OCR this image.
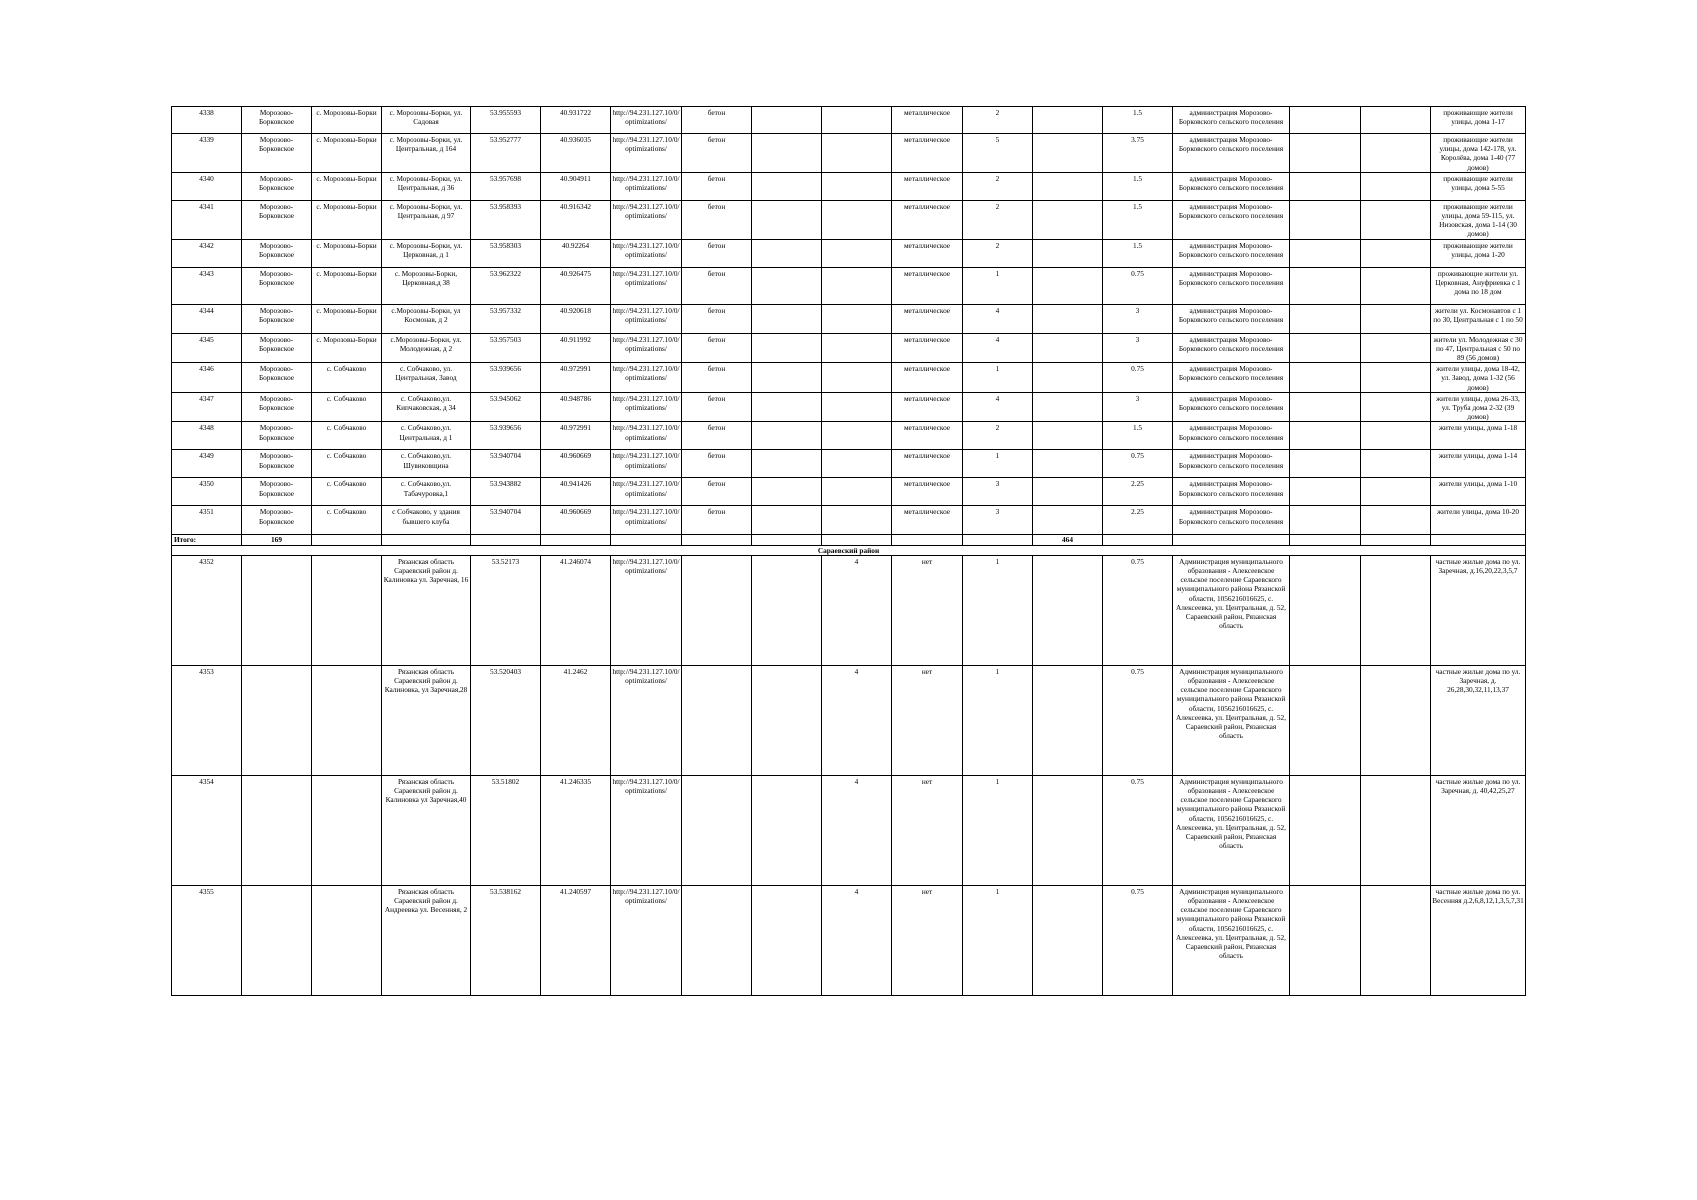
4338	Морозово-Борковское	с. Морозовы-Борки	с. Морозовы-Борки, ул. Садовая	53.955593	40.931722	http://94.231.127.10/0/optimizations/	бетон			металлическое	2		1.5	администрация Морозово-Борковского сельского поселения			проживающие жители улицы, дома 1-17
4339	Морозово-Борковское	с. Морозовы-Борки	с. Морозовы-Борки, ул. Центральная, д 164	53.952777	40.936035	http://94.231.127.10/0/optimizations/	бетон			металлическое	5		3.75	администрация Морозово-Борковского сельского поселения			проживающие жители улицы, дома 142-178, ул. Королёва, дома 1-40 (77 домов)
4340	Морозово-Борковское	с. Морозовы-Борки	с. Морозовы-Борки, ул. Центральная, д 36	53.957698	40.904911	http://94.231.127.10/0/optimizations/	бетон			металлическое	2		1.5	администрация Морозово-Борковского сельского поселения			проживающие жители улицы, дома 5-55
4341	Морозово-Борковское	с. Морозовы-Борки	с. Морозовы-Борки, ул. Центральная, д 97	53.958393	40.916342	http://94.231.127.10/0/optimizations/	бетон			металлическое	2		1.5	администрация Морозово-Борковского сельского поселения			проживающие жители улицы, дома 59-115, ул. Низовская, дома 1-14 (30 домов)
4342	Морозово-Борковское	с. Морозовы-Борки	с. Морозовы-Борки, ул. Церковная, д 1	53.958303	40.92264	http://94.231.127.10/0/optimizations/	бетон			металлическое	2		1.5	администрация Морозово-Борковского сельского поселения			проживающие жители улицы, дома 1-20
4343	Морозово-Борковское	с. Морозовы-Борки	с. Морозовы-Борки, Церковная,д 38	53.962322	40.926475	http://94.231.127.10/0/optimizations/	бетон			металлическое	1		0.75	администрация Морозово-Борковского сельского поселения			проживающие жители ул. Церковная, Ануфриевка с 1 дома по 18 дом
4344	Морозово-Борковское	с. Морозовы-Борки	с.Морозовы-Борки, ул Космонав, д 2	53.957332	40.920618	http://94.231.127.10/0/optimizations/	бетон			металлическое	4		3	администрация Морозово-Борковского сельского поселения			жители ул. Космонавтов с 1 по 30, Центральная с 1 по 50
4345	Морозово-Борковское	с. Морозовы-Борки	с.Морозовы-Борки, ул. Молодежная, д 2	53.957503	40.911992	http://94.231.127.10/0/optimizations/	бетон			металлическое	4		3	администрация Морозово-Борковского сельского поселения			жители ул. Молодежная с 30 по 47, Центральная с 50 по 89 (56 домов)
4346	Морозово-Борковское	с. Собчаково	с. Собчаково, ул. Центральная, Завод	53.939656	40.972991	http://94.231.127.10/0/optimizations/	бетон			металлическое	1		0.75	администрация Морозово-Борковского сельского поселения			жители улицы, дома 18-42, ул. Завод, дома 1-32 (56 домов)
4347	Морозово-Борковское	с. Собчаково	с. Собчаково,ул. Кипчаковская, д 34	53.945062	40.948786	http://94.231.127.10/0/optimizations/	бетон			металлическое	4		3	администрация Морозово-Борковского сельского поселения			жители улицы, дома 26-33, ул. Труба дома 2-32 (39 домов)
4348	Морозово-Борковское	с. Собчаково	с. Собчаково,ул. Центральная, д 1	53.939656	40.972991	http://94.231.127.10/0/optimizations/	бетон			металлическое	2		1.5	администрация Морозово-Борковского сельского поселения			жители улицы, дома 1-18
4349	Морозово-Борковское	с. Собчаково	с. Собчаково,ул. Шувиковщина	53.940704	40.960669	http://94.231.127.10/0/optimizations/	бетон			металлическое	1		0.75	администрация Морозово-Борковского сельского поселения			жители улицы, дома 1-14
4350	Морозово-Борковское	с. Собчаково	с. Собчаково,ул. Табачуровка,1	53.943882	40.941426	http://94.231.127.10/0/optimizations/	бетон			металлическое	3		2.25	администрация Морозово-Борковского сельского поселения			жители улицы, дома 1-10
4351	Морозово-Борковское	с. Собчаково	с Собчаково, у здания бывшего клуба	53.940704	40.960669	http://94.231.127.10/0/optimizations/	бетон			металлическое	3		2.25	администрация Морозово-Борковского сельского поселения			жители улицы, дома 10-20
Итого:	169											464					
Сараевский район																	
4352			Рязанская область Сараевский район д. Калиновка ул. Заречная, 16	53.52173	41.246074	http://94.231.127.10/0/optimizations/			4	нет	1		0.75	Администрация муниципального образования - Алексеевское сельское поселение Сараевского муниципального района Рязанской области, 1056216016625, с. Алексеевка, ул. Центральная, д. 52, Сараевский район, Рязанская область			частные жилые дома по ул. Заречная, д.16,20,22,3,5,7
4353			Рязанская область Сараевский район д. Калиновка, ул Заречная,28	53.520403	41.2462	http://94.231.127.10/0/optimizations/			4	нет	1		0.75	Администрация муниципального образования - Алексеевское сельское поселение Сараевского муниципального района Рязанской области, 1056216016625, с. Алексеевка, ул. Центральная, д. 52, Сараевский район, Рязанская область			частные жилые дома по ул. Заречная, д. 26,28,30,32,11,13,37
4354			Рязанская область Сараевский район д. Калиновка ул Заречная,40	53.51802	41.246335	http://94.231.127.10/0/optimizations/			4	нет	1		0.75	Администрация муниципального образования - Алексеевское сельское поселение Сараевского муниципального района Рязанской области, 1056216016625, с. Алексеевка, ул. Центральная, д. 52, Сараевский район, Рязанская область			частные жилые дома по ул. Заречная, д. 40,42,25,27
4355			Рязанская область Сараевский район д. Андреевка ул. Весенняя, 2	53.538162	41.240597	http://94.231.127.10/0/optimizations/			4	нет	1		0.75	Администрация муниципального образования - Алексеевское сельское поселение Сараевского муниципального района Рязанской области, 1056216016625, с. Алексеевка, ул. Центральная, д. 52, Сараевский район, Рязанская область			частные жилые дома по ул. Весенняя д.2,6,8,12,1,3,5,7,31
